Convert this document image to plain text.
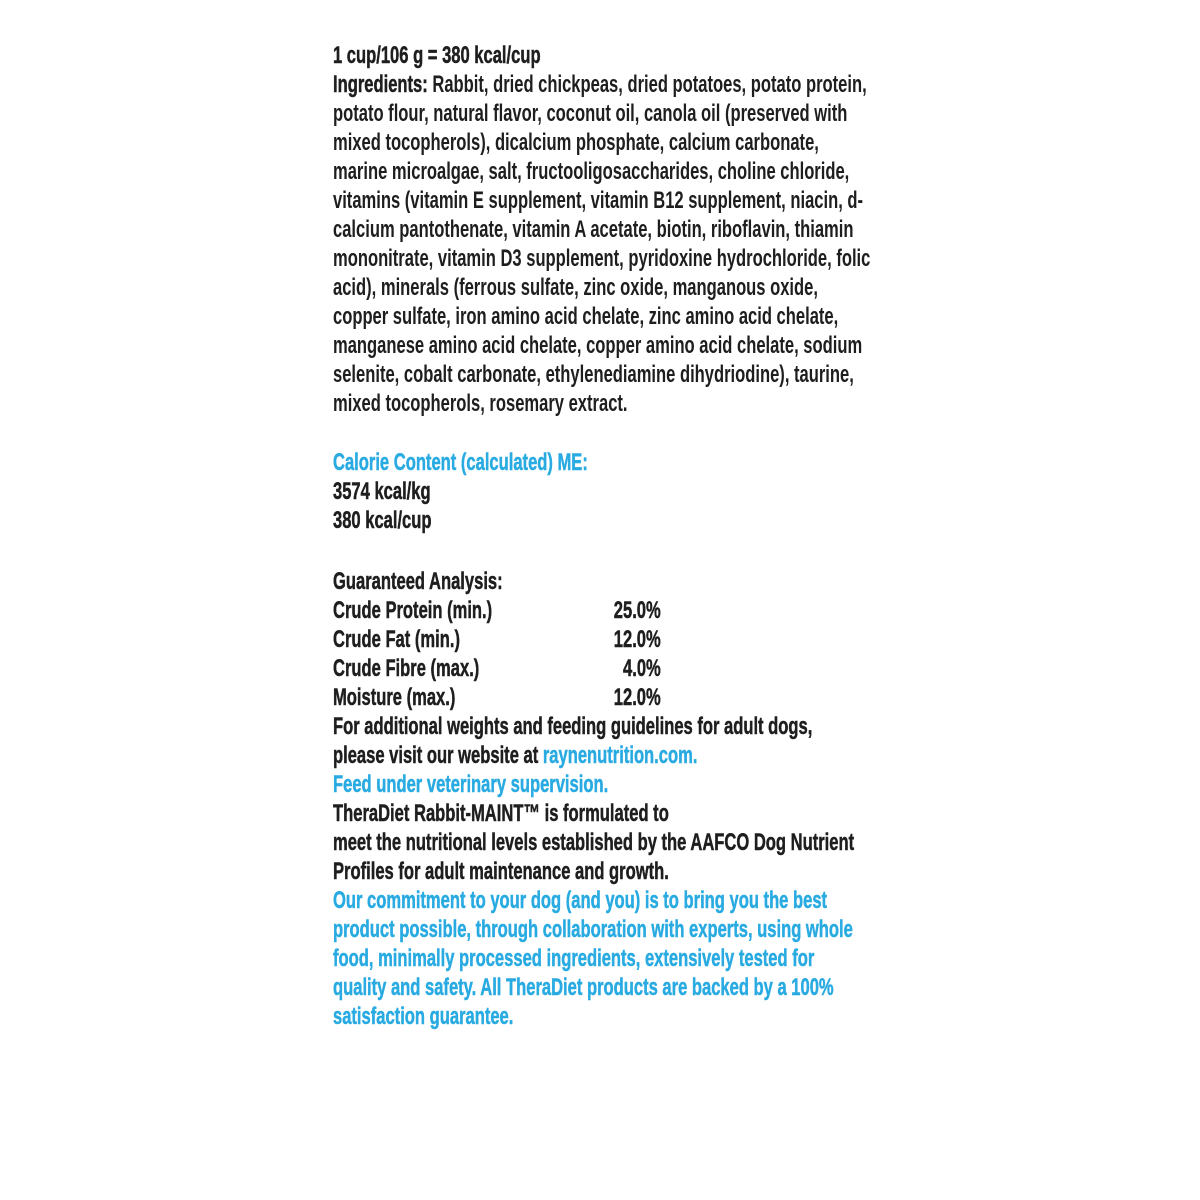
1 cup/106 g = 380 kcal/cup

Ingredients: Rabbit, dried chickpeas, dried potatoes, potato protein, potato flour, natural flavor, coconut oil, canola oil (preserved with mixed tocopherols), dicalcium phosphate, calcium carbonate, marine microalgae, salt, fructooligosaccharides, choline chloride, vitamins (vitamin E supplement, vitamin B12 supplement, niacin, d-calcium pantothenate, vitamin A acetate, biotin, riboflavin, thiamin mononitrate, vitamin D3 supplement, pyridoxine hydrochloride, folic acid), minerals (ferrous sulfate, zinc oxide, manganous oxide, copper sulfate, iron amino acid chelate, zinc amino acid chelate, manganese amino acid chelate, copper amino acid chelate, sodium selenite, cobalt carbonate, ethylenediamine dihydriodine), taurine, mixed tocopherols, rosemary extract.

Calorie Content (calculated) ME:

3574 kcal/kg

380 kcal/cup

Guaranteed Analysis:

Crude Protein (min.)	25.0%
Crude Fat (min.)	12.0%
Crude Fibre (max.)	4.0%
Moisture (max.)	12.0%

For additional weights and feeding guidelines for adult dogs,
please visit our website at raynenutrition.com.

Feed under veterinary supervision.

TheraDiet Rabbit-MAINT™ is formulated to
meet the nutritional levels established by the AAFCO Dog Nutrient Profiles for adult maintenance and growth.

Our commitment to your dog (and you) is to bring you the best product possible, through collaboration with experts, using whole food, minimally processed ingredients, extensively tested for quality and safety. All TheraDiet products are backed by a 100% satisfaction guarantee.
